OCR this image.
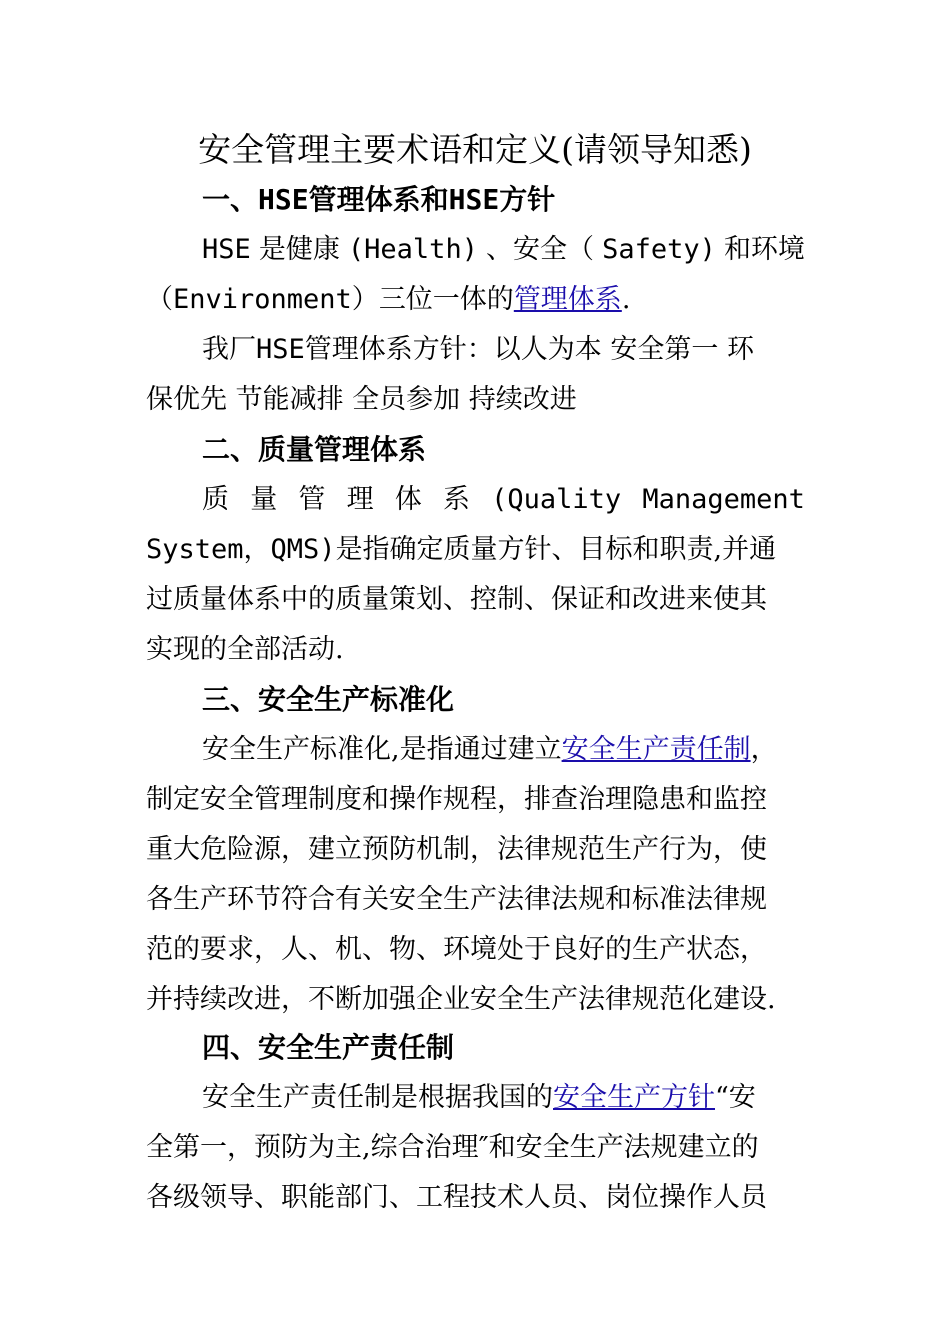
安全管理主要术语和定义(请领导知悉)
一、HSE管理体系和HSE方针
HSE 是健康 (Health) 、安全（ Safety) 和环境
（Environment）三位一体的管理体系.
我厂HSE管理体系方针：以人为本 安全第一 环
保优先 节能减排 全员参加 持续改进
二、质量管理体系
质 量 管 理 体 系 (Quality Management
System，QMS)是指确定质量方针、目标和职责,并通
过质量体系中的质量策划、控制、保证和改进来使其
实现的全部活动.
三、安全生产标准化
安全生产标准化,是指通过建立安全生产责任制，
制定安全管理制度和操作规程，排查治理隐患和监控
重大危险源，建立预防机制，法律规范生产行为，使
各生产环节符合有关安全生产法律法规和标准法律规
范的要求，人、机、物、环境处于良好的生产状态，
并持续改进，不断加强企业安全生产法律规范化建设.
四、安全生产责任制
安全生产责任制是根据我国的安全生产方针“安
全第一，预防为主,综合治理″和安全生产法规建立的
各级领导、职能部门、工程技术人员、岗位操作人员
